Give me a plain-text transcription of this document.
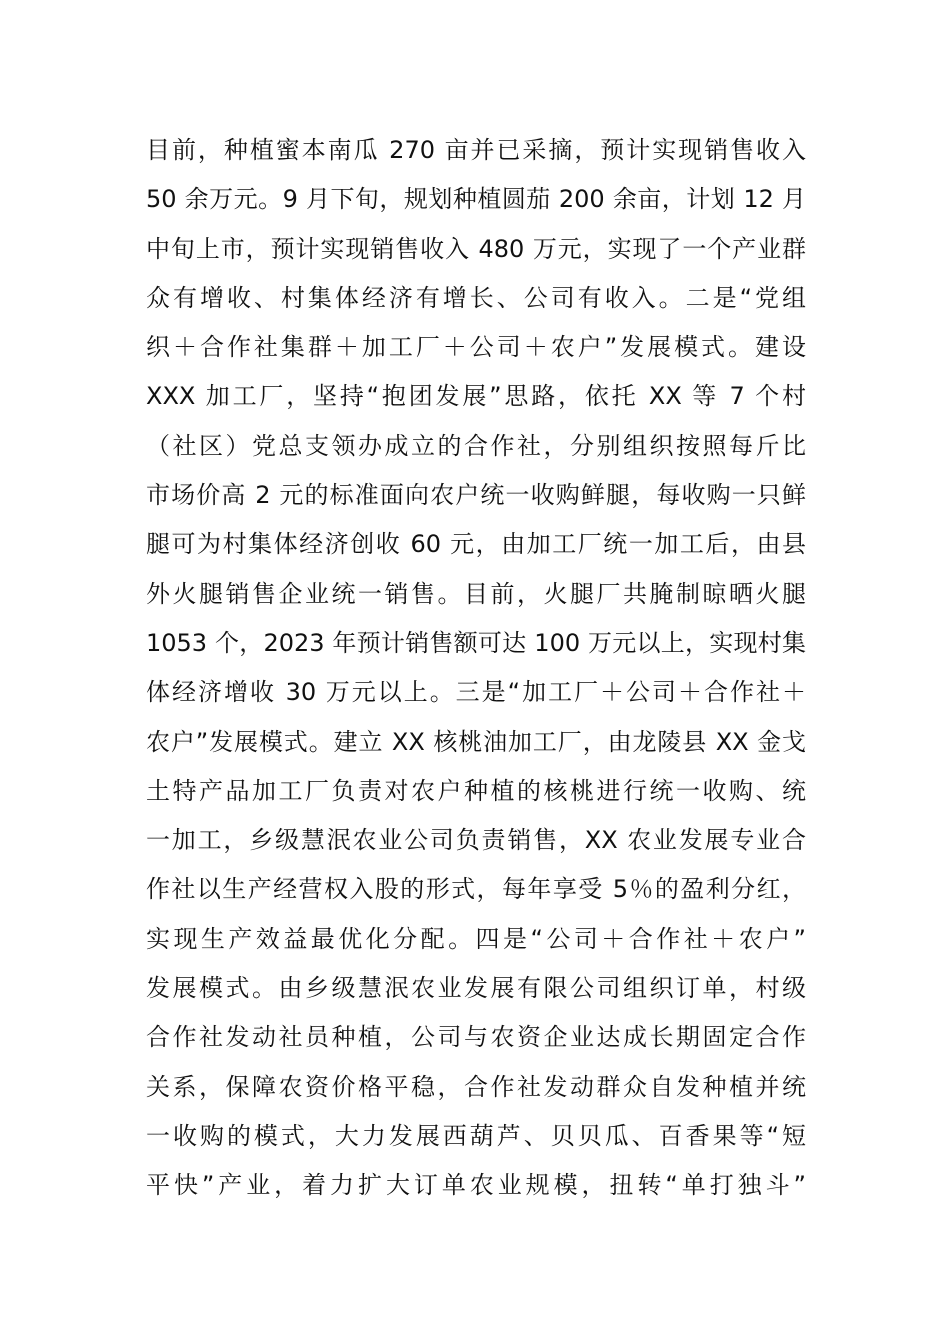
目前，种植蜜本南瓜 270 亩并已采摘，预计实现销售收入
50 余万元。9 月下旬，规划种植圆茄 200 余亩，计划 12 月
中旬上市，预计实现销售收入 480 万元，实现了一个产业群
众有增收、村集体经济有增长、公司有收入。二是“党组
织＋合作社集群＋加工厂＋公司＋农户”发展模式。建设
XXX 加工厂，坚持“抱团发展”思路，依托 XX 等 7 个村
（社区）党总支领办成立的合作社，分别组织按照每斤比
市场价高 2 元的标准面向农户统一收购鲜腿，每收购一只鲜
腿可为村集体经济创收 60 元，由加工厂统一加工后，由县
外火腿销售企业统一销售。目前，火腿厂共腌制晾晒火腿
1053 个，2023 年预计销售额可达 100 万元以上，实现村集
体经济增收 30 万元以上。三是“加工厂＋公司＋合作社＋
农户”发展模式。建立 XX 核桃油加工厂，由龙陵县 XX 金戈
土特产品加工厂负责对农户种植的核桃进行统一收购、统
一加工，乡级慧泯农业公司负责销售，XX 农业发展专业合
作社以生产经营权入股的形式，每年享受 5％的盈利分红，
实现生产效益最优化分配。四是“公司＋合作社＋农户”
发展模式。由乡级慧泯农业发展有限公司组织订单，村级
合作社发动社员种植，公司与农资企业达成长期固定合作
关系，保障农资价格平稳，合作社发动群众自发种植并统
一收购的模式，大力发展西葫芦、贝贝瓜、百香果等“短
平快”产业，着力扩大订单农业规模，扭转“单打独斗”
